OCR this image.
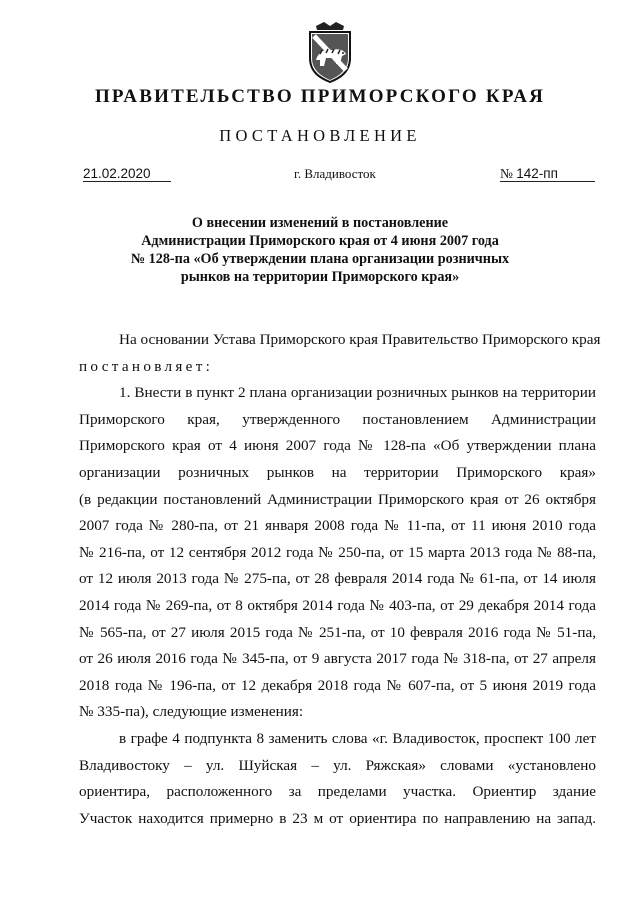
ПРАВИТЕЛЬСТВО ПРИМОРСКОГО КРАЯ
ПОСТАНОВЛЕНИЕ
21.02.2020	г. Владивосток	№ 142-пп
О внесении изменений в постановление
Администрации Приморского края от 4 июня 2007 года
№ 128-па «Об утверждении плана организации розничных
рынков на территории Приморского края»
На основании Устава Приморского края Правительство Приморского края
постановляет:
1. Внести в пункт 2 плана организации розничных рынков на территории
Приморского края, утвержденного постановлением Администрации
Приморского края от 4 июня 2007 года № 128-па «Об утверждении плана
организации розничных рынков на территории Приморского края»
(в редакции постановлений Администрации Приморского края от 26 октября
2007 года № 280-па, от 21 января 2008 года № 11-па, от 11 июня 2010 года
№ 216-па, от 12 сентября 2012 года № 250-па, от 15 марта 2013 года № 88-па,
от 12 июля 2013 года № 275-па, от 28 февраля 2014 года № 61-па, от 14 июля
2014 года № 269-па, от 8 октября 2014 года № 403-па, от 29 декабря 2014 года
№ 565-па, от 27 июля 2015 года № 251-па, от 10 февраля 2016 года № 51-па,
от 26 июля 2016 года № 345-па, от 9 августа 2017 года № 318-па, от 27 апреля
2018 года № 196-па, от 12 декабря 2018 года № 607-па, от 5 июня 2019 года
№ 335-па), следующие изменения:
в графе 4 подпункта 8 заменить слова «г. Владивосток, проспект 100 лет
Владивостоку – ул. Шуйская – ул. Ряжская» словами «установлено
ориентира, расположенного за пределами участка. Ориентир здание
Участок находится примерно в 23 м от ориентира по направлению на запад.
